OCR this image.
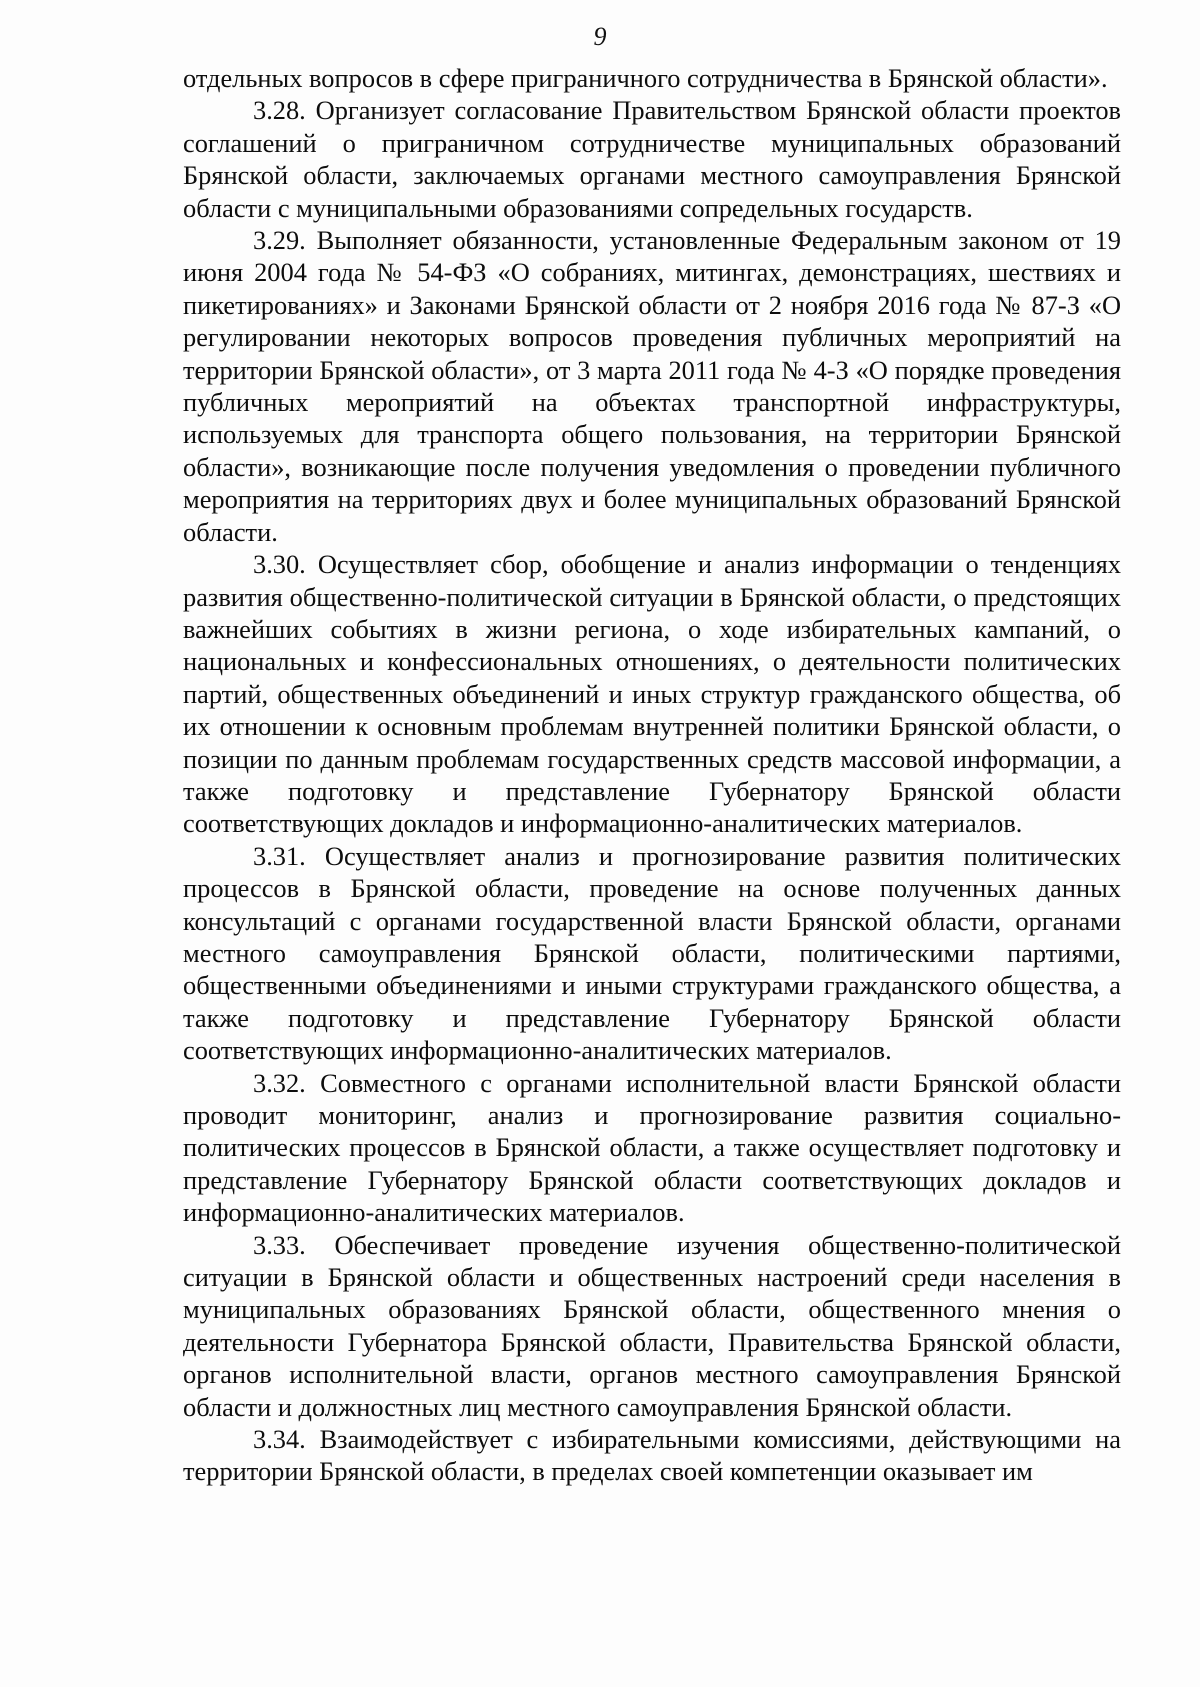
9

отдельных вопросов в сфере приграничного сотрудничества в Брянской области».

3.28. Организует согласование Правительством Брянской области проектов соглашений о приграничном сотрудничестве муниципальных образований Брянской области, заключаемых органами местного самоуправления Брянской области с муниципальными образованиями сопредельных государств.

3.29. Выполняет обязанности, установленные Федеральным законом от 19 июня 2004 года № 54-ФЗ «О собраниях, митингах, демонстрациях, шествиях и пикетированиях» и Законами Брянской области от 2 ноября 2016 года № 87-З «О регулировании некоторых вопросов проведения публичных мероприятий на территории Брянской области», от 3 марта 2011 года № 4-З «О порядке проведения публичных мероприятий на объектах транспортной инфраструктуры, используемых для транспорта общего пользования, на территории Брянской области», возникающие после получения уведомления о проведении публичного мероприятия на территориях двух и более муниципальных образований Брянской области.

3.30. Осуществляет сбор, обобщение и анализ информации о тенденциях развития общественно-политической ситуации в Брянской области, о предстоящих важнейших событиях в жизни региона, о ходе избирательных кампаний, о национальных и конфессиональных отношениях, о деятельности политических партий, общественных объединений и иных структур гражданского общества, об их отношении к основным проблемам внутренней политики Брянской области, о позиции по данным проблемам государственных средств массовой информации, а также подготовку и представление Губернатору Брянской области соответствующих докладов и информационно-аналитических материалов.

3.31. Осуществляет анализ и прогнозирование развития политических процессов в Брянской области, проведение на основе полученных данных консультаций с органами государственной власти Брянской области, органами местного самоуправления Брянской области, политическими партиями, общественными объединениями и иными структурами гражданского общества, а также подготовку и представление Губернатору Брянской области соответствующих информационно-аналитических материалов.

3.32. Совместного с органами исполнительной власти Брянской области проводит мониторинг, анализ и прогнозирование развития социально-политических процессов в Брянской области, а также осуществляет подготовку и представление Губернатору Брянской области соответствующих докладов и информационно-аналитических материалов.

3.33. Обеспечивает проведение изучения общественно-политической ситуации в Брянской области и общественных настроений среди населения в муниципальных образованиях Брянской области, общественного мнения о деятельности Губернатора Брянской области, Правительства Брянской области, органов исполнительной власти, органов местного самоуправления Брянской области и должностных лиц местного самоуправления Брянской области.

3.34. Взаимодействует с избирательными комиссиями, действующими на территории Брянской области, в пределах своей компетенции оказывает им
